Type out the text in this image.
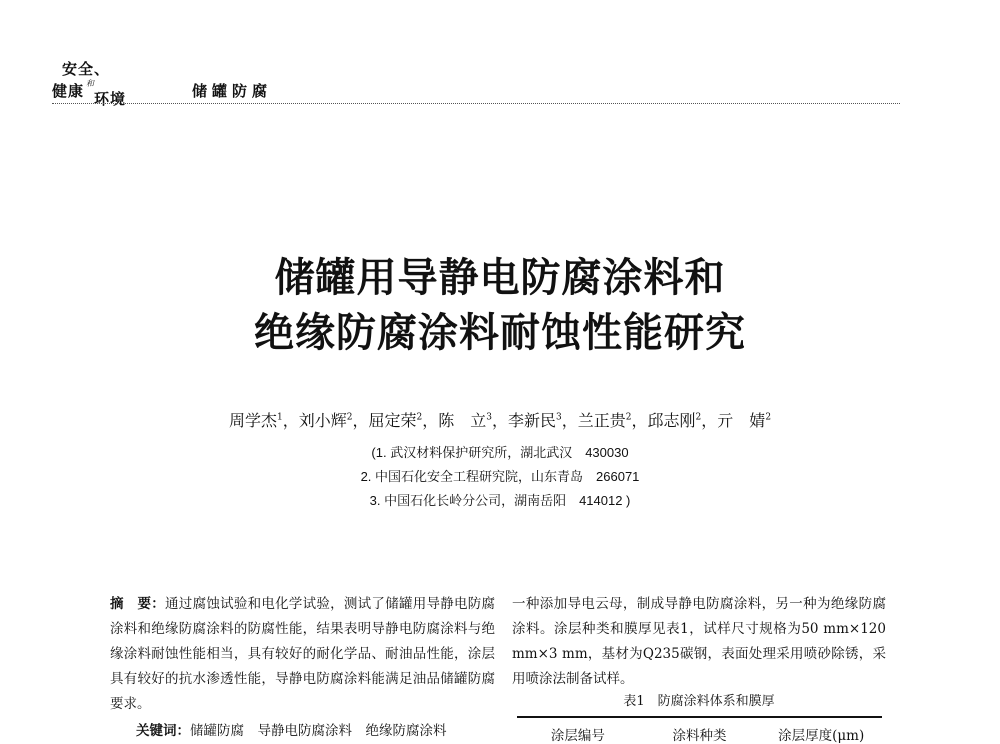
安全、
健康 和
环境	储罐防腐
储罐用导静电防腐涂料和
绝缘防腐涂料耐蚀性能研究
周学杰$^1$，刘小辉$^2$，屈定荣$^2$，陈　立$^3$，李新民$^3$，兰正贵$^2$，邱志刚$^2$，亓　婧$^2$
(1. 武汉材料保护研究所，湖北武汉　430030
2. 中国石化安全工程研究院，山东青岛　266071
3. 中国石化长岭分公司，湖南岳阳　414012 )
摘　要：通过腐蚀试验和电化学试验，测试了储罐用导静电防腐涂料和绝缘防腐涂料的防腐性能，结果表明导静电防腐涂料与绝缘涂料耐蚀性能相当，具有较好的耐化学品、耐油品性能，涂层具有较好的抗水渗透性能，导静电防腐涂料能满足油品储罐防腐要求。
关键词：储罐防腐　导静电防腐涂料　绝缘防腐涂料
一种添加导电云母，制成导静电防腐涂料，另一种为绝缘防腐涂料。涂层种类和膜厚见表1，试样尺寸规格为50 mm×120 mm×3 mm，基材为Q235碳钢，表面处理采用喷砂除锈，采用喷涂法制备试样。
表1　防腐涂料体系和膜厚
涂层编号	涂料种类	涂层厚度(μm)
